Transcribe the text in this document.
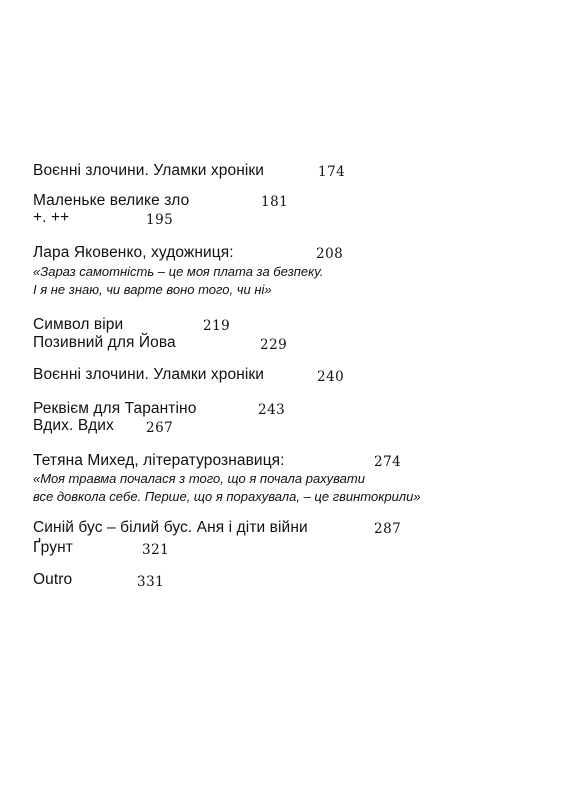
Воєнні злочини. Уламки хроніки	174
Маленьке велике зло	181
+. ++	195
Лара Яковенко, художниця:	208
«Зараз самотність – це моя плата за безпеку.
І я не знаю, чи варте воно того, чи ні»
Символ віри	219
Позивний для Йова	229
Воєнні злочини. Уламки хроніки	240
Реквієм для Тарантіно	243
Вдих. Вдих 267
Тетяна Михед, літературознавиця:	274
«Моя травма почалася з того, що я почала рахувати
все довкола себе. Перше, що я порахувала, – це гвинтокрили»
Синій бус – білий бус. Аня і діти війни	287
Ґрунт	321
Outro	331
